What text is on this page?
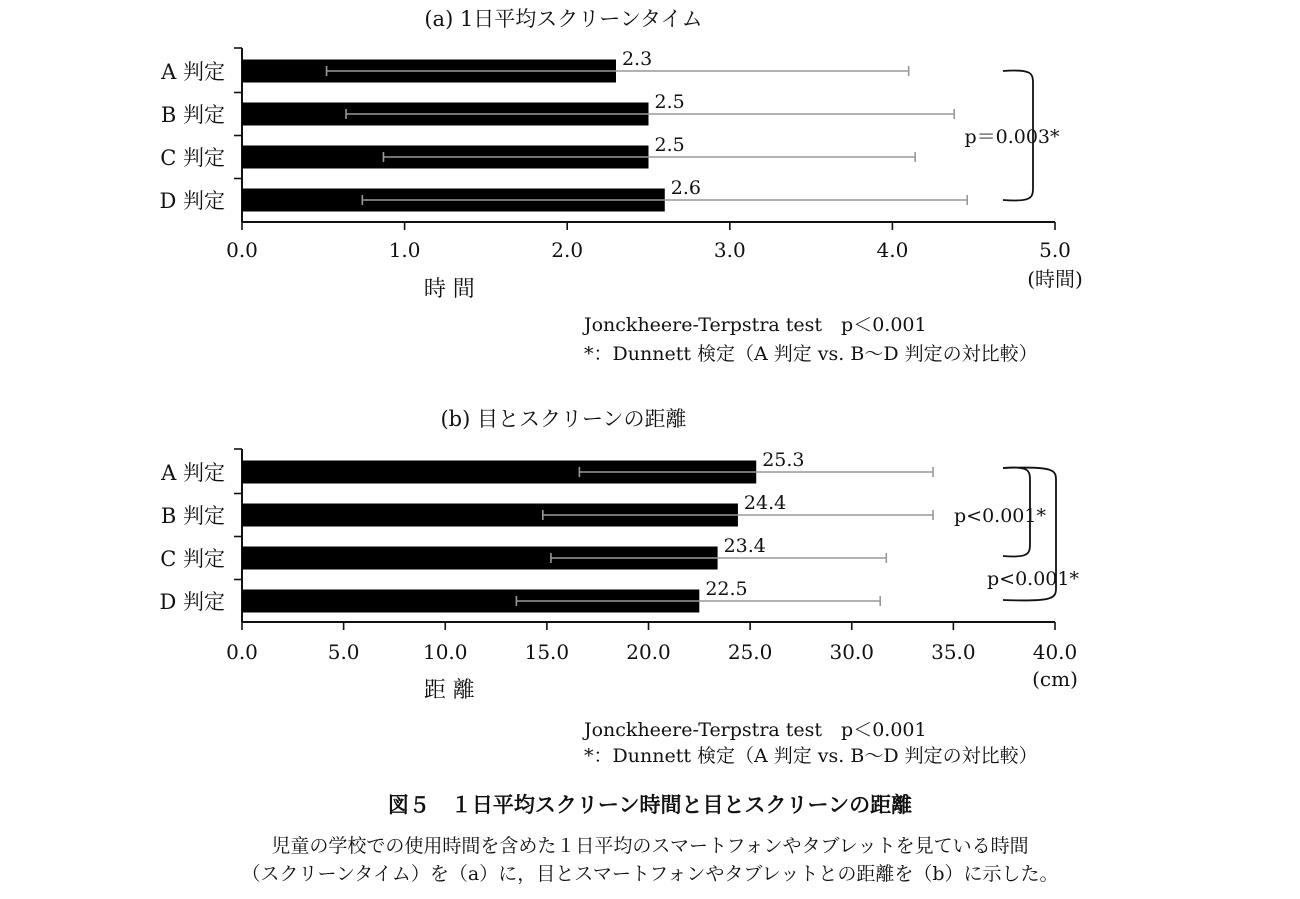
(a) 1日平均スクリーンタイム
0.0	1.0	2.0	3.0	4.0	5.0
A 判定
2.3
B 判定
2.5
C 判定
2.5
D 判定
2.6
時 間	(時間)
p＝0.003*
Jonckheere-Terpstra test　p＜0.001
*：Dunnett 検定（A 判定 vs. B～D 判定の対比較）
(b) 目とスクリーンの距離
0.0	5.0	10.0	15.0	20.0	25.0	30.0	35.0	40.0
A 判定
25.3
B 判定
24.4
C 判定
23.4
D 判定
22.5
距 離	(cm)
p<0.001*
p<0.001*
Jonckheere-Terpstra test　p＜0.001
*：Dunnett 検定（A 判定 vs. B～D 判定の対比較）
図５　１日平均スクリーン時間と目とスクリーンの距離
児童の学校での使用時間を含めた１日平均のスマートフォンやタブレットを見ている時間
（スクリーンタイム）を（a）に，目とスマートフォンやタブレットとの距離を（b）に示した。
